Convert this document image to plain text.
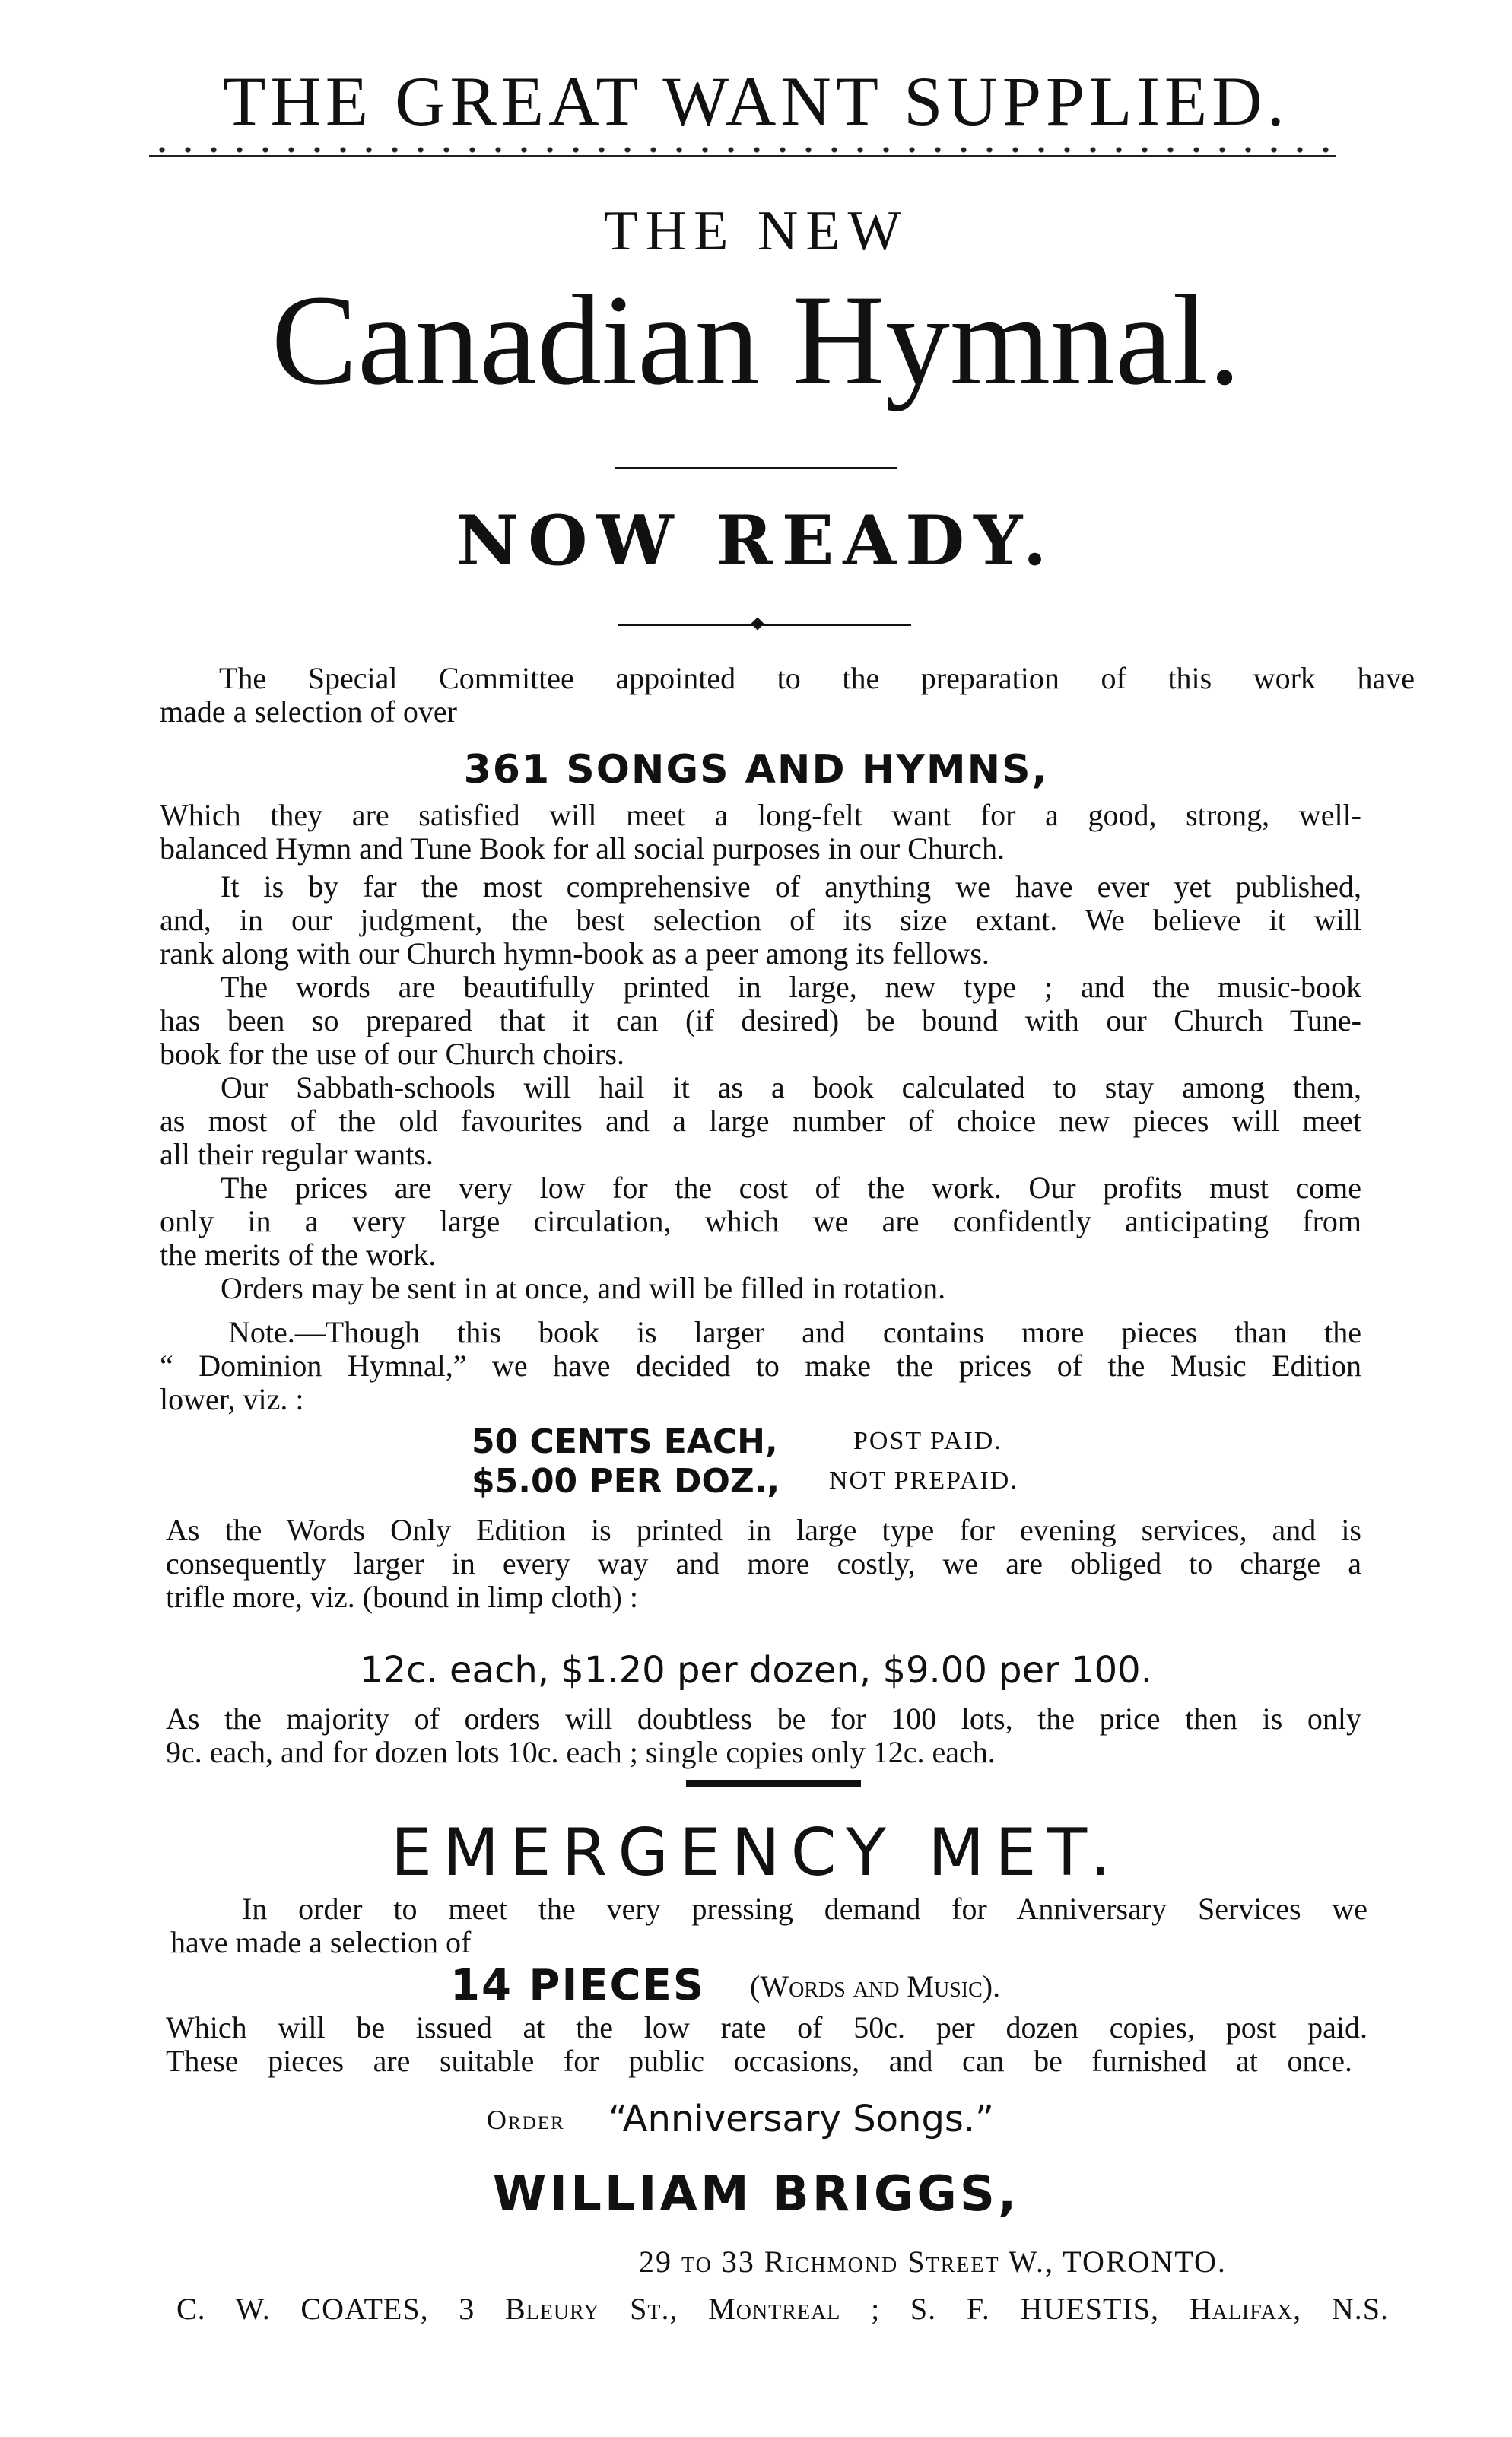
THE GREAT WANT SUPPLIED.
THE NEW
Canadian Hymnal.
NOW READY.
The Special Committee appointed to the preparation of this work have
made a selection of over
361 SONGS AND HYMNS,
Which they are satisfied will meet a long-felt want for a good, strong, well-
balanced Hymn and Tune Book for all social purposes in our Church.
It is by far the most comprehensive of anything we have ever yet published,
and, in our judgment, the best selection of its size extant. We believe it will
rank along with our Church hymn-book as a peer among its fellows.
The words are beautifully printed in large, new type ; and the music-book
has been so prepared that it can (if desired) be bound with our Church Tune-
book for the use of our Church choirs.
Our Sabbath-schools will hail it as a book calculated to stay among them,
as most of the old favourites and a large number of choice new pieces will meet
all their regular wants.
The prices are very low for the cost of the work. Our profits must come
only in a very large circulation, which we are confidently anticipating from
the merits of the work.
Orders may be sent in at once, and will be filled in rotation.
Note.—Though this book is larger and contains more pieces than the
“ Dominion Hymnal,” we have decided to make the prices of the Music Edition
lower, viz. :
50 CENTS EACH,	POST PAID.
$5.00 PER DOZ., NOT PREPAID.
As the Words Only Edition is printed in large type for evening services, and is
consequently larger in every way and more costly, we are obliged to charge a
trifle more, viz. (bound in limp cloth) :
12c. each, $1.20 per dozen, $9.00 per 100.
As the majority of orders will doubtless be for 100 lots, the price then is only
9c. each, and for dozen lots 10c. each ; single copies only 12c. each.
EMERGENCY MET.
In order to meet the very pressing demand for Anniversary Services we
have made a selection of
14 PIECES (Words and Music).
Which will be issued at the low rate of 50c. per dozen copies, post paid.
These pieces are suitable for public occasions, and can be furnished at once.
Order “Anniversary Songs.”
WILLIAM BRIGGS,
29 to 33 Richmond Street W., TORONTO.
C. W. COATES, 3 Bleury St., Montreal ; S. F. HUESTIS, Halifax, N.S.
